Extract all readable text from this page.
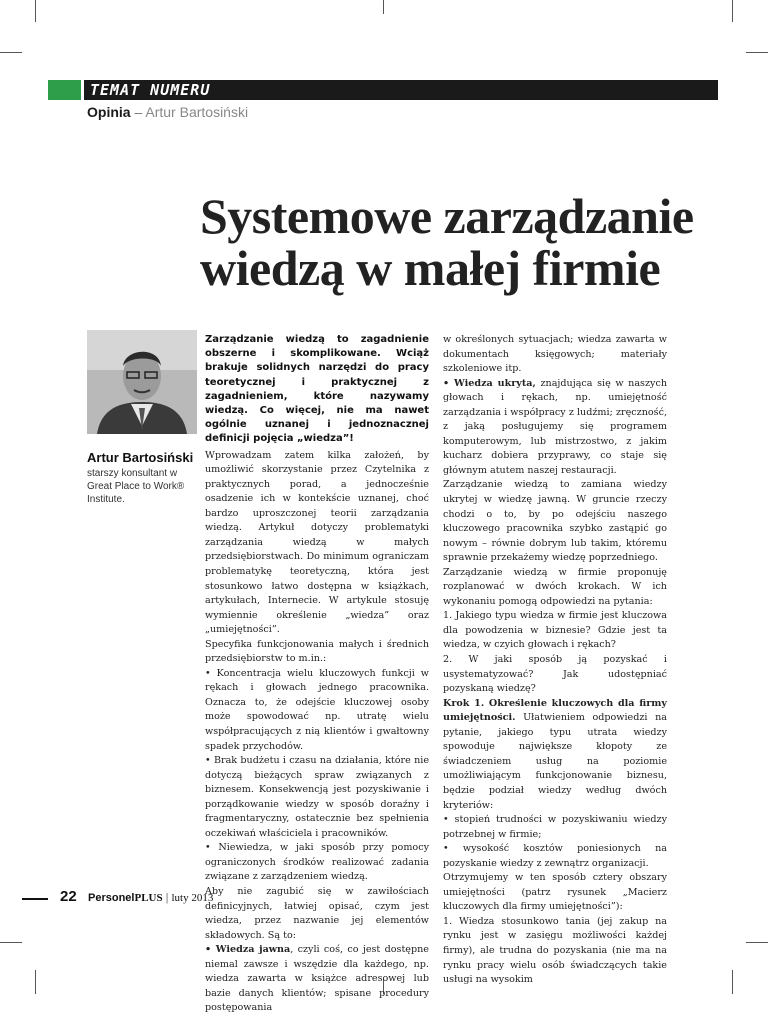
TEMAT NUMERU
Opinia – Artur Bartosiński
Systemowe zarządzanie
wiedzą w małej firmie
Artur Bartosiński
starszy konsultant w Great Place to Work® Institute.

Zarządzanie wiedzą to zagadnienie obszerne i skomplikowane. Wciąż brakuje solidnych narzędzi do pracy teoretycznej i praktycznej z zagadnieniem, które nazywamy wiedzą. Co więcej, nie ma nawet ogólnie uznanej i jednoznacznej definicji pojęcia „wiedza”!

Wprowadzam zatem kilka założeń, by umożliwić skorzystanie przez Czytelnika z praktycznych porad, a jednocześnie osadzenie ich w kontekście uznanej, choć bardzo uproszczonej teorii zarządzania wiedzą. Artykuł dotyczy problematyki zarządzania wiedzą w małych przedsiębiorstwach. Do minimum ograniczam problematykę teoretyczną, która jest stosunkowo łatwo dostępna w książkach, artykułach, Internecie. W artykule stosuję wymiennie określenie „wiedza” oraz „umiejętności”.

Specyfika funkcjonowania małych i średnich przedsiębiorstw to m.in.:

• Koncentracja wielu kluczowych funkcji w rękach i głowach jednego pracownika. Oznacza to, że odejście kluczowej osoby może spowodować np. utratę wielu współpracujących z nią klientów i gwałtowny spadek przychodów.

• Brak budżetu i czasu na działania, które nie dotyczą bieżących spraw związanych z biznesem. Konsekwencją jest pozyskiwanie i porządkowanie wiedzy w sposób doraźny i fragmentaryczny, ostatecznie bez spełnienia oczekiwań właściciela i pracowników.

• Niewiedza, w jaki sposób przy pomocy ograniczonych środków realizować zadania związane z zarządzeniem wiedzą.

Aby nie zagubić się w zawiłościach definicyjnych, łatwiej opisać, czym jest wiedza, przez nazwanie jej elementów składowych. Są to:

• Wiedza jawna, czyli coś, co jest dostępne niemal zawsze i wszędzie dla każdego, np. wiedza zawarta w książce adresowej lub bazie danych klientów; spisane procedury postępowania

w określonych sytuacjach; wiedza zawarta w dokumentach księgowych; materiały szkoleniowe itp.

• Wiedza ukryta, znajdująca się w naszych głowach i rękach, np. umiejętność zarządzania i współpracy z ludźmi; zręczność, z jaką posługujemy się programem komputerowym, lub mistrzostwo, z jakim kucharz dobiera przyprawy, co staje się głównym atutem naszej restauracji.

Zarządzanie wiedzą to zamiana wiedzy ukrytej w wiedzę jawną. W gruncie rzeczy chodzi o to, by po odejściu naszego kluczowego pracownika szybko zastąpić go nowym – równie dobrym lub takim, któremu sprawnie przekażemy wiedzę poprzedniego.

Zarządzanie wiedzą w firmie proponuję rozplanować w dwóch krokach. W ich wykonaniu pomogą odpowiedzi na pytania:

1. Jakiego typu wiedza w firmie jest kluczowa dla powodzenia w biznesie? Gdzie jest ta wiedza, w czyich głowach i rękach?

2. W jaki sposób ją pozyskać i usystematyzować? Jak udostępniać pozyskaną wiedzę?

Krok 1. Określenie kluczowych dla firmy umiejętności. Ułatwieniem odpowiedzi na pytanie, jakiego typu utrata wiedzy spowoduje największe kłopoty ze świadczeniem usług na poziomie umożliwiającym funkcjonowanie biznesu, będzie podział wiedzy według dwóch kryteriów:

• stopień trudności w pozyskiwaniu wiedzy potrzebnej w firmie;

• wysokość kosztów poniesionych na pozyskanie wiedzy z zewnątrz organizacji.

Otrzymujemy w ten sposób cztery obszary umiejętności (patrz rysunek „Macierz kluczowych dla firmy umiejętności”):

1. Wiedza stosunkowo tania (jej zakup na rynku jest w zasięgu możliwości każdej firmy), ale trudna do pozyskania (nie ma na rynku pracy wielu osób świadczących takie usługi na wysokim

22 PersonelPLUS | luty 2013
